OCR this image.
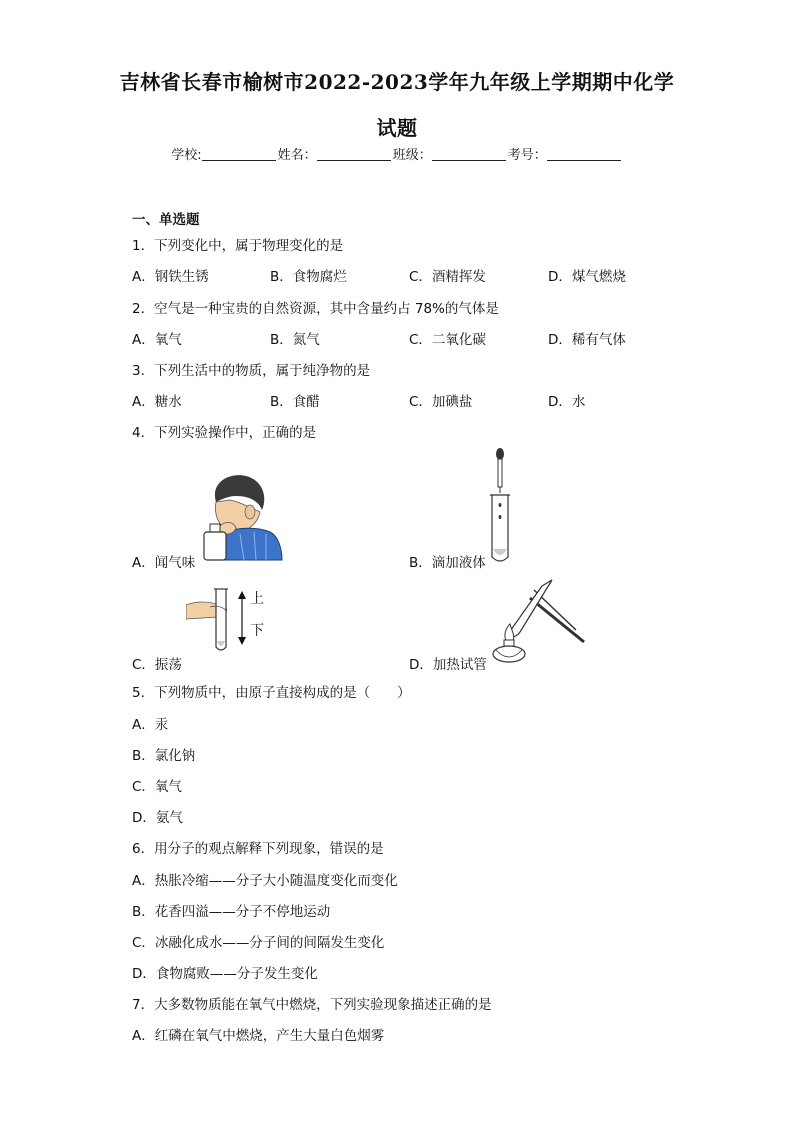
吉林省长春市榆树市2022-2023学年九年级上学期期中化学
试题
学校:	姓名：	班级：	考号：
一、单选题
1．下列变化中，属于物理变化的是
A．钢铁生锈	B．食物腐烂	C．酒精挥发	D．煤气燃烧
2．空气是一种宝贵的自然资源，其中含量约占 78%的气体是
A．氧气	B．氮气	C．二氧化碳	D．稀有气体
3．下列生活中的物质，属于纯净物的是
A．糖水	B．食醋	C．加碘盐	D．水
4．下列实验操作中，正确的是
A．闻气味	B．滴加液体
上
下
C．振荡	D．加热试管
5．下列物质中，由原子直接构成的是（　　）
A．汞
B．氯化钠
C．氧气
D．氨气
6．用分子的观点解释下列现象，错误的是
A．热胀冷缩——分子大小随温度变化而变化
B．花香四溢——分子不停地运动
C．冰融化成水——分子间的间隔发生变化
D．食物腐败——分子发生变化
7．大多数物质能在氧气中燃烧，下列实验现象描述正确的是
A．红磷在氧气中燃烧，产生大量白色烟雾
